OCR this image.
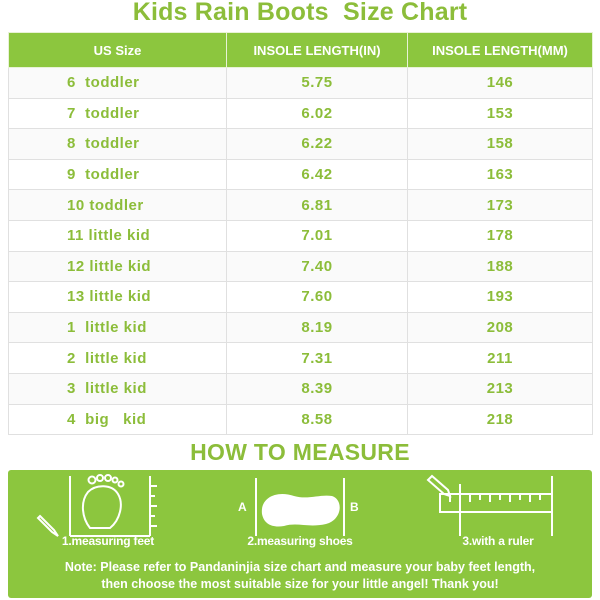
Kids Rain Boots  Size Chart
US Size	INSOLE LENGTH(IN)	INSOLE LENGTH(MM)
6  toddler	5.75	146
7  toddler	6.02	153
8  toddler	6.22	158
9  toddler	6.42	163
10 toddler	6.81	173
11 little kid	7.01	178
12 little kid	7.40	188
13 little kid	7.60	193
1  little kid	8.19	208
2  little kid	7.31	211
3  little kid	8.39	213
4  big   kid	8.58	218
HOW TO MEASURE
A	B
1.measuring feet	2.measuring shoes	3.with a ruler
Note: Please refer to Pandaninjia size chart and measure your baby feet length,
then choose the most suitable size for your little angel! Thank you!
